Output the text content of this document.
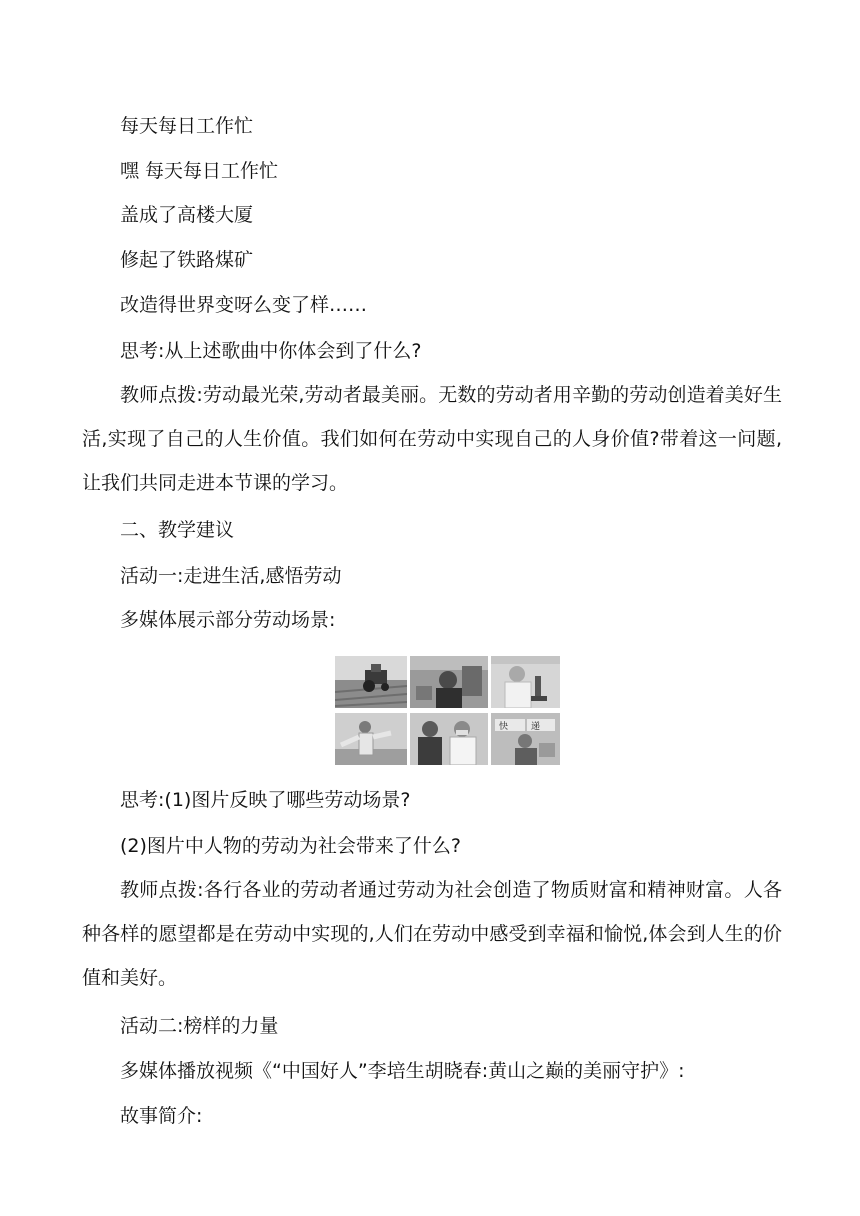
每天每日工作忙

嘿 每天每日工作忙

盖成了高楼大厦

修起了铁路煤矿

改造得世界变呀么变了样……

思考:从上述歌曲中你体会到了什么?

教师点拨:劳动最光荣,劳动者最美丽。无数的劳动者用辛勤的劳动创造着美好生活,实现了自己的人生价值。我们如何在劳动中实现自己的人身价值?带着这一问题,让我们共同走进本节课的学习。

二、教学建议

活动一:走进生活,感悟劳动

多媒体展示部分劳动场景:

快	递

思考:(1)图片反映了哪些劳动场景?

(2)图片中人物的劳动为社会带来了什么?

教师点拨:各行各业的劳动者通过劳动为社会创造了物质财富和精神财富。人各种各样的愿望都是在劳动中实现的,人们在劳动中感受到幸福和愉悦,体会到人生的价值和美好。

活动二:榜样的力量

多媒体播放视频《“中国好人”李培生胡晓春:黄山之巅的美丽守护》:

故事简介:
